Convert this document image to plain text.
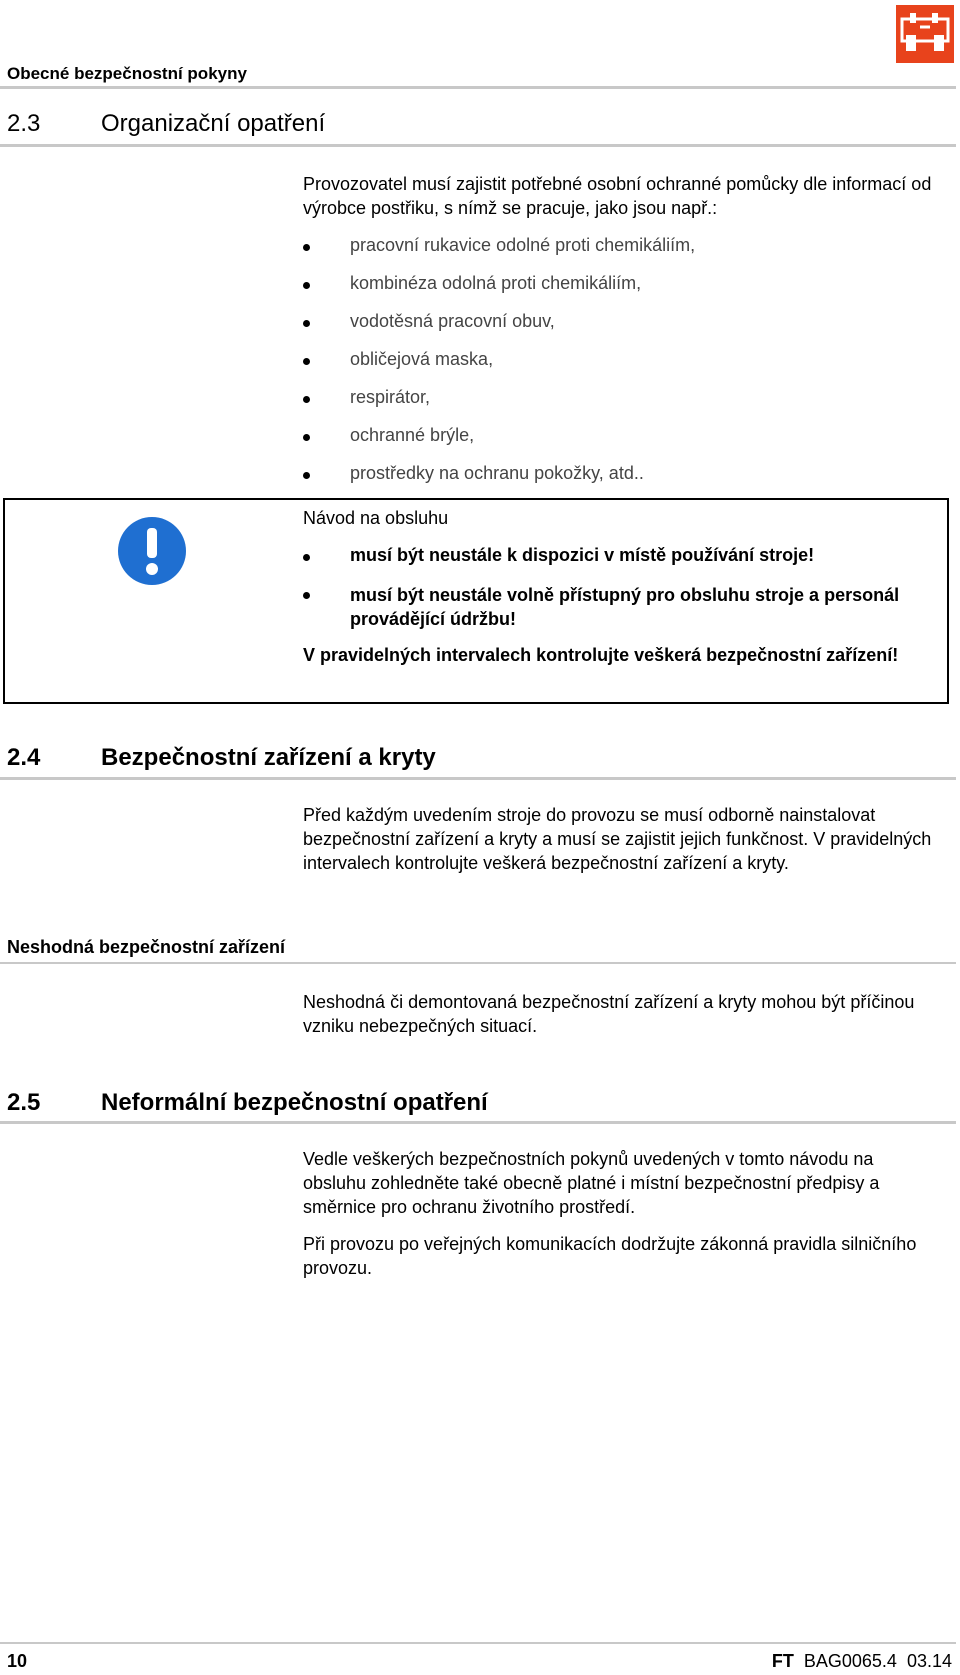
Obecné bezpečnostní pokyny
2.3	Organizační opatření
Provozovatel musí zajistit potřebné osobní ochranné pomůcky dle informací od výrobce postřiku, s nímž se pracuje, jako jsou např.:
pracovní rukavice odolné proti chemikáliím,
kombinéza odolná proti chemikáliím,
vodotěsná pracovní obuv,
obličejová maska,
respirátor,
ochranné brýle,
prostředky na ochranu pokožky, atd..
Návod na obsluhu
musí být neustále k dispozici v místě používání stroje!
musí být neustále volně přístupný pro obsluhu stroje a personál provádějící údržbu!
V pravidelných intervalech kontrolujte veškerá bezpečnostní zařízení!
2.4	Bezpečnostní zařízení a kryty
Před každým uvedením stroje do provozu se musí odborně nainstalovat bezpečnostní zařízení a kryty a musí se zajistit jejich funkčnost. V pravidelných intervalech kontrolujte veškerá bezpečnostní zařízení a kryty.
Neshodná bezpečnostní zařízení
Neshodná či demontovaná bezpečnostní zařízení a kryty mohou být příčinou vzniku nebezpečných situací.
2.5	Neformální bezpečnostní opatření
Vedle veškerých bezpečnostních pokynů uvedených v tomto návodu na obsluhu zohledněte také obecně platné i místní bezpečnostní předpisy a směrnice pro ochranu životního prostředí.
Při provozu po veřejných komunikacích dodržujte zákonná pravidla silničního provozu.
10	FT BAG0065.4  03.14
